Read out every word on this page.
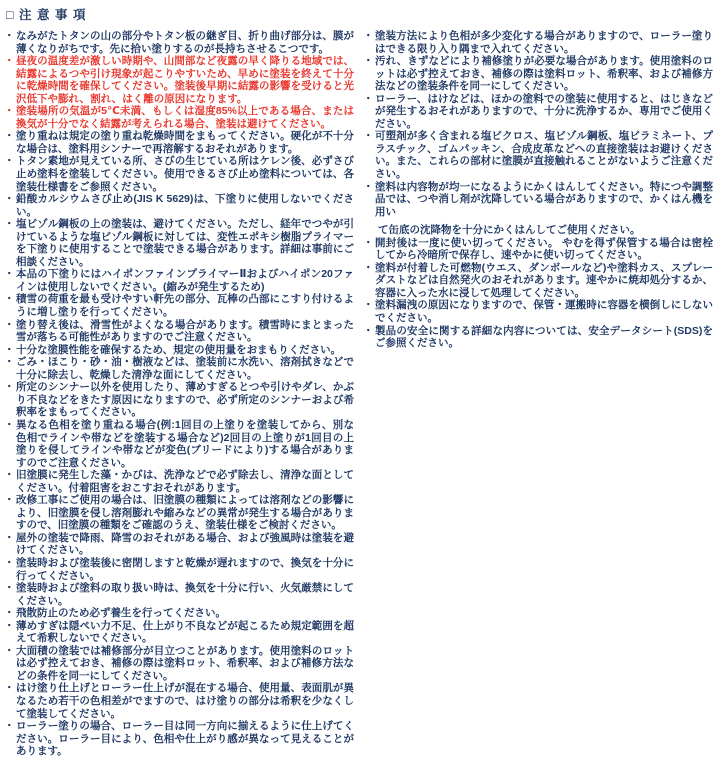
□ 注 意 事 項
・ なみがたトタンの山の部分やトタン板の継ぎ目、折り曲げ部分は、膜が薄くなりがちです。先に拾い塗りするのが長持ちさせるこつです。
・ 昼夜の温度差が激しい時期や、山間部など夜露の早く降りる地域では、結露によるつや引け現象が起こりやすいため、早めに塗装を終えて十分に乾燥時間を確保してください。塗装後早期に結露の影響を受けると光沢低下や膨れ、割れ、はく離の原因になります。
・ 塗装場所の気温が5℃未満、もしくは湿度85%以上である場合、または換気が十分でなく結露が考えられる場合、塗装は避けてください。
・ 塗り重ねは規定の塗り重ね乾燥時間をまもってください。硬化が不十分な場合は、塗料用シンナーで再溶解するおそれがあります。
・ トタン素地が見えている所、さびの生じている所はケレン後、必ずさび止め塗料を塗装してください。使用できるさび止め塗料については、各塗装仕様書をご参照ください。
・ 鉛酸カルシウムさび止め(JIS K 5629)は、下塗りに使用しないでください。
・ 塩ビゾル鋼板の上の塗装は、避けてください。ただし、経年でつやが引けているような塩ビゾル鋼板に対しては、変性エポキシ樹脂プライマーを下塗りに使用することで塗装できる場合があります。詳細は事前にご相談ください。
・ 本品の下塗りにはハイポンファインプライマーⅡおよびハイポン20ファインは使用しないでください。(縮みが発生するため)
・ 積雪の荷重を最も受けやすい軒先の部分、瓦棒の凸部にこすり付けるように増し塗りを行ってください。
・ 塗り替え後は、滑雪性がよくなる場合があります。積雪時にまとまった雪が落ちる可能性がありますのでご注意ください。
・ 十分な塗膜性能を確保するため、規定の使用量をおまもりください。
・ ごみ・ほこり・砂・油・樹液などは、塗装前に水洗い、溶剤拭きなどで十分に除去し、乾燥した清浄な面にしてください。
・ 所定のシンナー以外を使用したり、薄めすぎるとつや引けやダレ、かぶり不良などをきたす原因になりますので、必ず所定のシンナーおよび希釈率をまもってください。
・ 異なる色相を塗り重ねる場合(例:1回目の上塗りを塗装してから、別な色相でラインや帯などを塗装する場合など)2回目の上塗りが1回目の上塗りを侵してラインや帯などが変色(ブリードにより)する場合がありますのでご注意ください。
・ 旧塗膜に発生した藻・かびは、洗浄などで必ず除去し、清浄な面としてください。付着阻害をおこすおそれがあります。
・ 改修工事にご使用の場合は、旧塗膜の種類によっては溶剤などの影響により、旧塗膜を侵し溶剤膨れや縮みなどの異常が発生する場合がありますので、旧塗膜の種類をご確認のうえ、塗装仕様をご検討ください。
・ 屋外の塗装で降雨、降雪のおそれがある場合、および強風時は塗装を避けてください。
・ 塗装時および塗装後に密閉しますと乾燥が遅れますので、換気を十分に行ってください。
・ 塗装時および塗料の取り扱い時は、換気を十分に行い、火気厳禁にしてください。
・ 飛散防止のため必ず養生を行ってください。
・ 薄めすぎは隠ぺい力不足、仕上がり不良などが起こるため規定範囲を超えて希釈しないでください。
・ 大面積の塗装では補修部分が目立つことがあります。使用塗料のロットは必ず控えておき、補修の際は塗料ロット、希釈率、および補修方法などの条件を同一にしてください。
・ はけ塗り仕上げとローラー仕上げが混在する場合、使用量、表面肌が異なるため若干の色相差がでますので、はけ塗りの部分は希釈を少なくして塗装してください。
・ ローラー塗りの場合、ローラー目は同一方向に揃えるように仕上げてください。ローラー目により、色相や仕上がり感が異なって見えることがあります。
・ 塗装方法により色相が多少変化する場合がありますので、ローラー塗りはできる限り入り隅まで入れてください。
・ 汚れ、きずなどにより補修塗りが必要な場合があります。使用塗料のロットは必ず控えておき、補修の際は塗料ロット、希釈率、および補修方法などの塗装条件を同一にしてください。
・ ローラー、はけなどは、ほかの塗料での塗装に使用すると、はじきなどが発生するおそれがありますので、十分に洗浄するか、専用でご使用ください。
・ 可塑剤が多く含まれる塩ビクロス、塩ビゾル鋼板、塩ビラミネート、プラスチック、ゴムパッキン、合成皮革などへの直接塗装はお避けください。また、これらの部材に塗膜が直接触れることがないようご注意ください。
・ 塗料は内容物が均一になるようにかくはんしてください。特につや調整品では、つや消し剤が沈降している場合がありますので、かくはん機を用い
て缶底の沈降物を十分にかくはんしてご使用ください。
・ 開封後は一度に使い切ってください。 やむを得ず保管する場合は密栓してから冷暗所で保存し、速やかに使い切ってください。
・ 塗料が付着した可燃物(ウエス、ダンボールなど)や塗料カス、スプレーダストなどは自然発火のおそれがあります。速やかに焼却処分するか、容器に入った水に浸して処理してください。
・ 塗料漏洩の原因になりますので、保管・運搬時に容器を横倒しにしないでください。
・ 製品の安全に関する詳細な内容については、安全データシート(SDS)をご参照ください。
